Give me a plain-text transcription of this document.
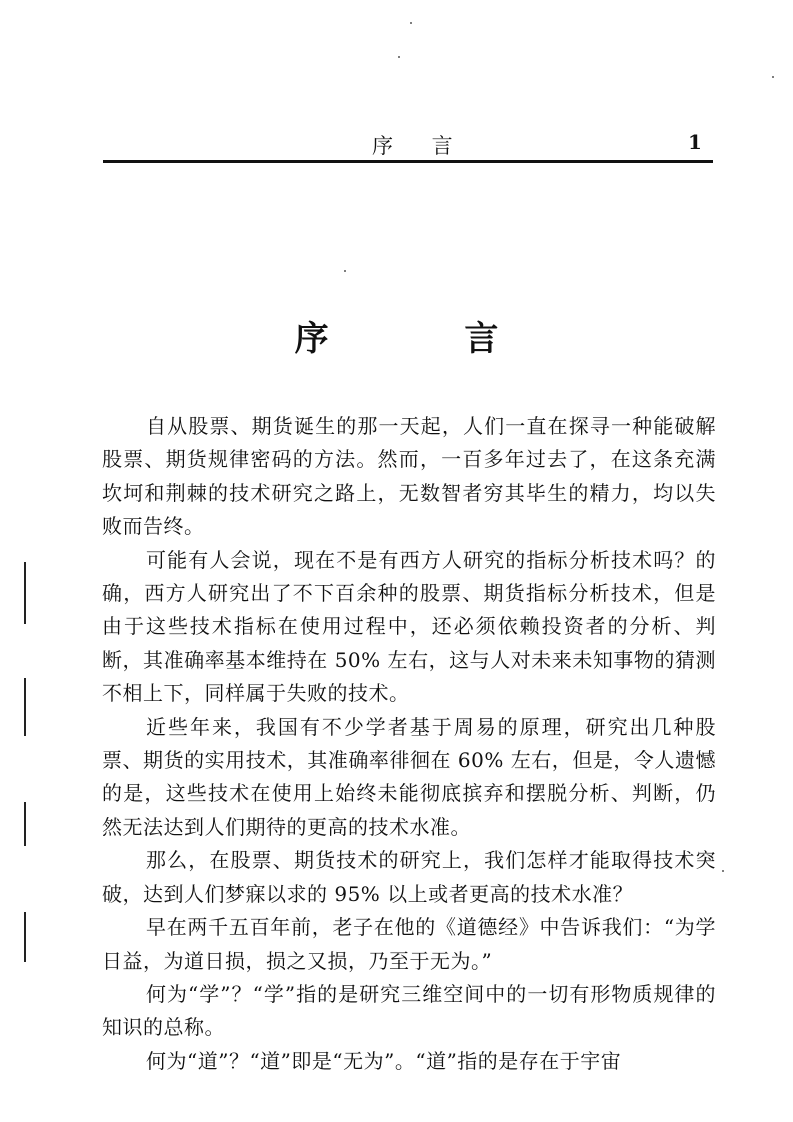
序 言	1
序 言

自从股票、期货诞生的那一天起，人们一直在探寻一种能破解股票、期货规律密码的方法。然而，一百多年过去了，在这条充满坎坷和荆棘的技术研究之路上，无数智者穷其毕生的精力，均以失败而告终。

可能有人会说，现在不是有西方人研究的指标分析技术吗？的确，西方人研究出了不下百余种的股票、期货指标分析技术，但是由于这些技术指标在使用过程中，还必须依赖投资者的分析、判断，其准确率基本维持在 50% 左右，这与人对未来未知事物的猜测不相上下，同样属于失败的技术。

近些年来，我国有不少学者基于周易的原理，研究出几种股票、期货的实用技术，其准确率徘徊在 60% 左右，但是，令人遗憾的是，这些技术在使用上始终未能彻底摈弃和摆脱分析、判断，仍然无法达到人们期待的更高的技术水准。

那么，在股票、期货技术的研究上，我们怎样才能取得技术突破，达到人们梦寐以求的 95% 以上或者更高的技术水准？

早在两千五百年前，老子在他的《道德经》中告诉我们：“为学日益，为道日损，损之又损，乃至于无为。”

何为“学”？“学”指的是研究三维空间中的一切有形物质规律的知识的总称。

何为“道”？“道”即是“无为”。“道”指的是存在于宇宙
